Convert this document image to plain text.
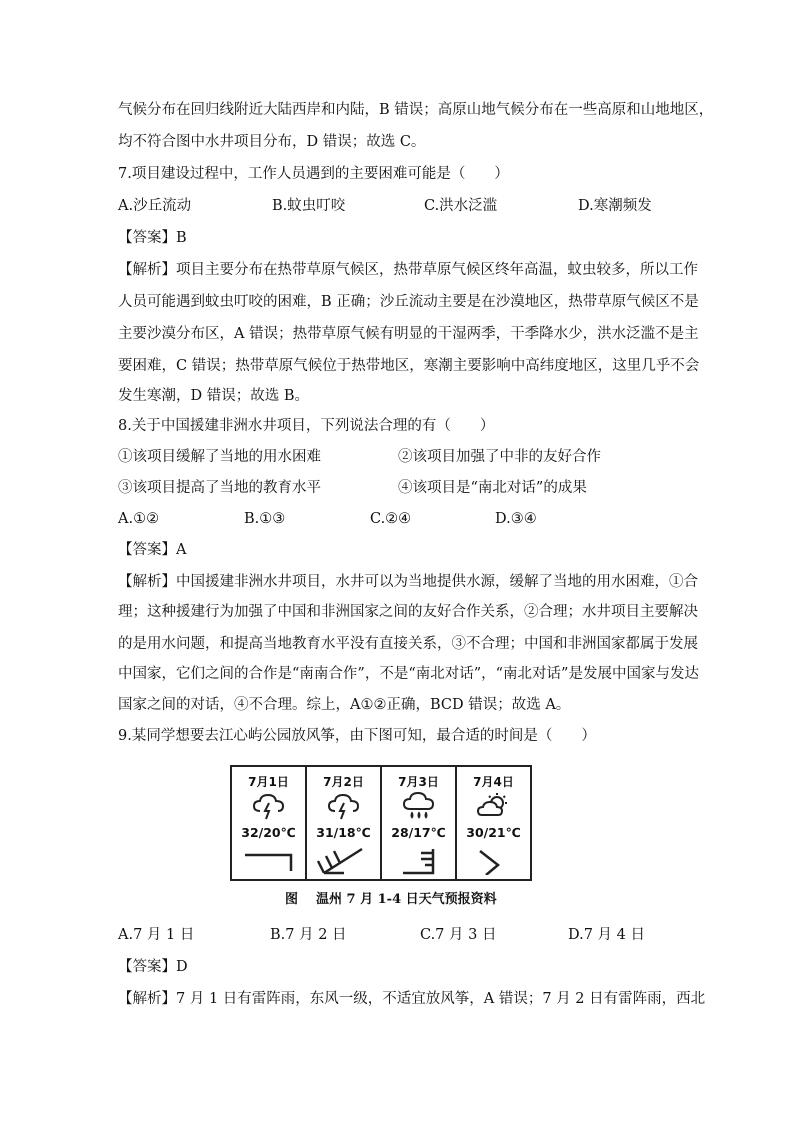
气候分布在回归线附近大陆西岸和内陆，B 错误；高原山地气候分布在一些高原和山地地区，
均不符合图中水井项目分布，D 错误；故选 C。
7.项目建设过程中，工作人员遇到的主要困难可能是（　　）
A.沙丘流动	B.蚊虫叮咬	C.洪水泛滥	D.寒潮频发
【答案】B
【解析】项目主要分布在热带草原气候区，热带草原气候区终年高温，蚊虫较多，所以工作
人员可能遇到蚊虫叮咬的困难，B 正确；沙丘流动主要是在沙漠地区，热带草原气候区不是
主要沙漠分布区，A 错误；热带草原气候有明显的干湿两季，干季降水少，洪水泛滥不是主
要困难，C 错误；热带草原气候位于热带地区，寒潮主要影响中高纬度地区，这里几乎不会
发生寒潮，D 错误；故选 B。
8.关于中国援建非洲水井项目，下列说法合理的有（　　）
①该项目缓解了当地的用水困难	②该项目加强了中非的友好合作
③该项目提高了当地的教育水平	④该项目是“南北对话”的成果
A.①②	B.①③	C.②④	D.③④
【答案】A
【解析】中国援建非洲水井项目，水井可以为当地提供水源，缓解了当地的用水困难，①合
理；这种援建行为加强了中国和非洲国家之间的友好合作关系，②合理；水井项目主要解决
的是用水问题，和提高当地教育水平没有直接关系，③不合理；中国和非洲国家都属于发展
中国家，它们之间的合作是“南南合作”，不是“南北对话”，“南北对话”是发展中国家与发达
国家之间的对话，④不合理。综上，A①②正确，BCD 错误；故选 A。
9.某同学想要去江心屿公园放风筝，由下图可知，最合适的时间是（　　）
7月1日
32/20℃
7月2日
31/18℃
7月3日
28/17℃
7月4日
30/21℃
图 温州 7 月 1-4 日天气预报资料
A.7 月 1 日	B.7 月 2 日	C.7 月 3 日	D.7 月 4 日
【答案】D
【解析】7 月 1 日有雷阵雨，东风一级，不适宜放风筝，A 错误；7 月 2 日有雷阵雨，西北
